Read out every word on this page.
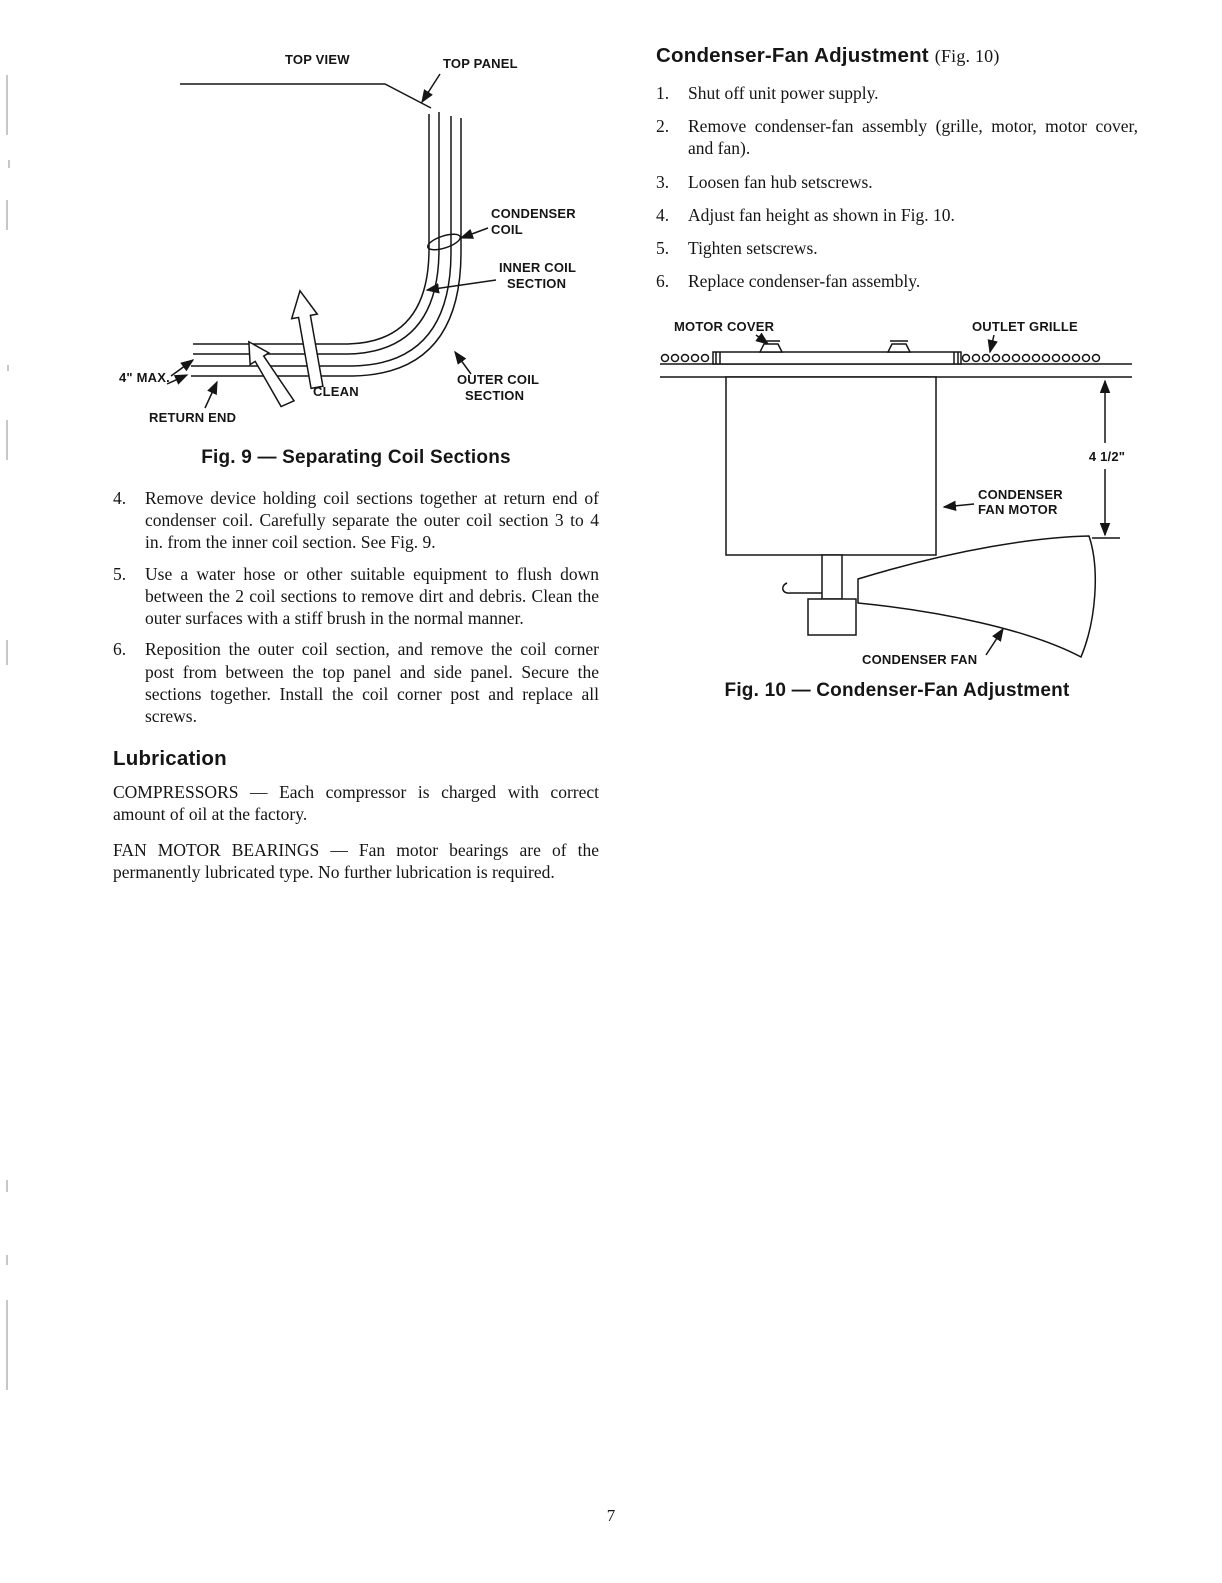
TOP VIEW	TOP PANEL
CONDENSER
COIL
INNER COIL
SECTION
OUTER COIL
SECTION
4" MAX.
CLEAN
RETURN END
Fig. 9 — Separating Coil Sections
4.	Remove device holding coil sections together at return end of condenser coil. Carefully separate the outer coil section 3 to 4 in. from the inner coil section. See Fig. 9.
5.	Use a water hose or other suitable equipment to flush down between the 2 coil sections to remove dirt and debris. Clean the outer surfaces with a stiff brush in the normal manner.
6.	Reposition the outer coil section, and remove the coil corner post from between the top panel and side panel. Secure the sections together. Install the coil corner post and replace all screws.
Lubrication

COMPRESSORS — Each compressor is charged with correct amount of oil at the factory.

FAN MOTOR BEARINGS — Fan motor bearings are of the permanently lubricated type. No further lubrication is required.

Condenser-Fan Adjustment (Fig. 10)
1.	Shut off unit power supply.
2.	Remove condenser-fan assembly (grille, motor, motor cover, and fan).
3.	Loosen fan hub setscrews.
4.	Adjust fan height as shown in Fig. 10.
5.	Tighten setscrews.
6.	Replace condenser-fan assembly.
MOTOR COVER	OUTLET GRILLE
4 1/2"
CONDENSER
FAN MOTOR
CONDENSER FAN
Fig. 10 — Condenser-Fan Adjustment
7
